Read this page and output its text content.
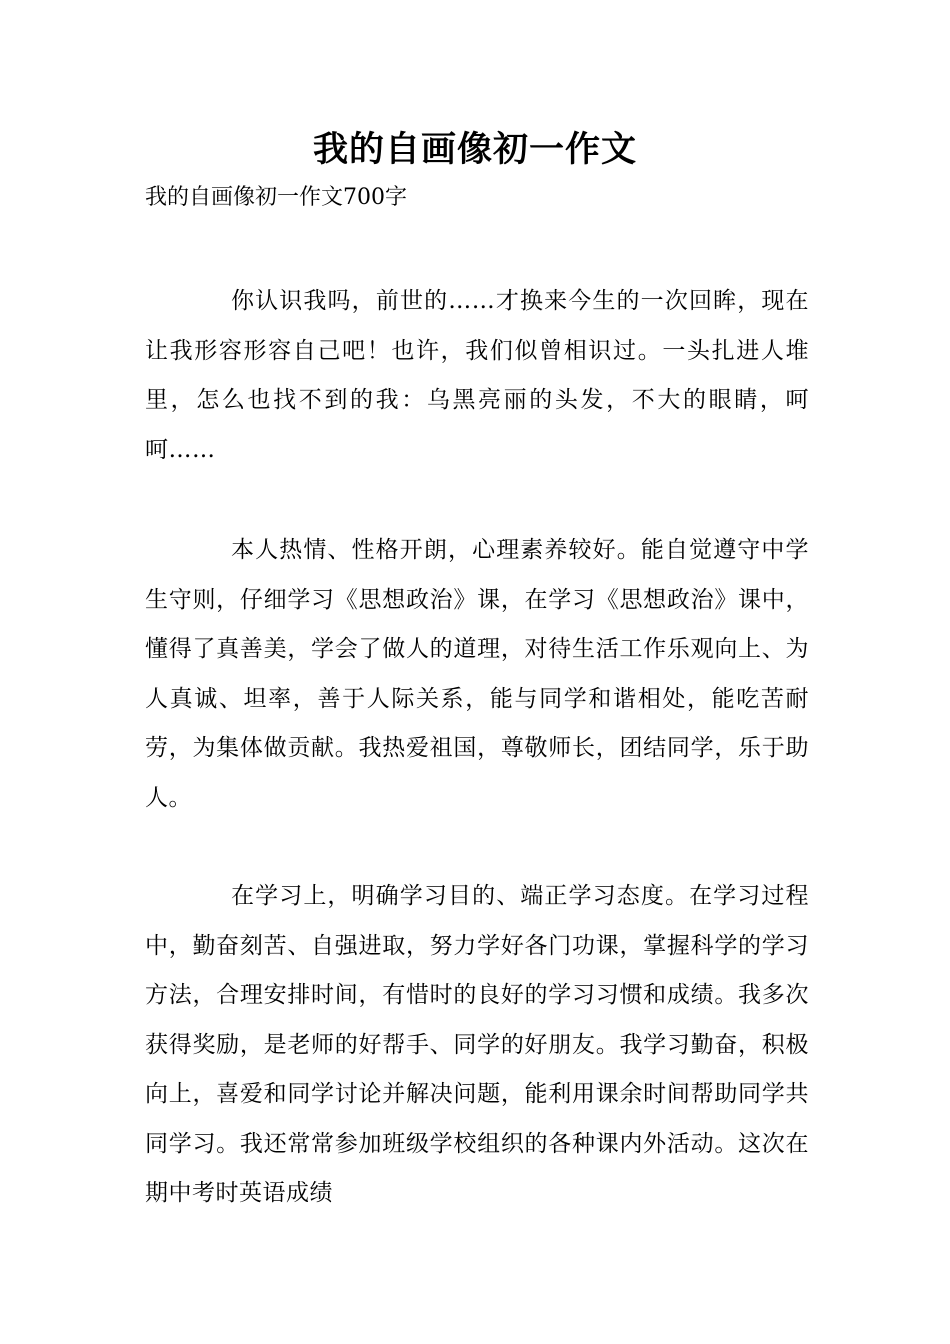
我的自画像初一作文
我的自画像初一作文700字

你认识我吗，前世的……才换来今生的一次回眸，现在让我形容形容自己吧！也许，我们似曾相识过。一头扎进人堆里，怎么也找不到的我：乌黑亮丽的头发，不大的眼睛，呵呵……

本人热情、性格开朗，心理素养较好。能自觉遵守中学生守则，仔细学习《思想政治》课，在学习《思想政治》课中，懂得了真善美，学会了做人的道理，对待生活工作乐观向上、为人真诚、坦率，善于人际关系，能与同学和谐相处，能吃苦耐劳，为集体做贡献。我热爱祖国，尊敬师长，团结同学，乐于助人。

在学习上，明确学习目的、端正学习态度。在学习过程中，勤奋刻苦、自强进取，努力学好各门功课，掌握科学的学习方法，合理安排时间，有惜时的良好的学习习惯和成绩。我多次获得奖励，是老师的好帮手、同学的好朋友。我学习勤奋，积极向上，喜爱和同学讨论并解决问题，能利用课余时间帮助同学共同学习。我还常常参加班级学校组织的各种课内外活动。这次在期中考时英语成绩
